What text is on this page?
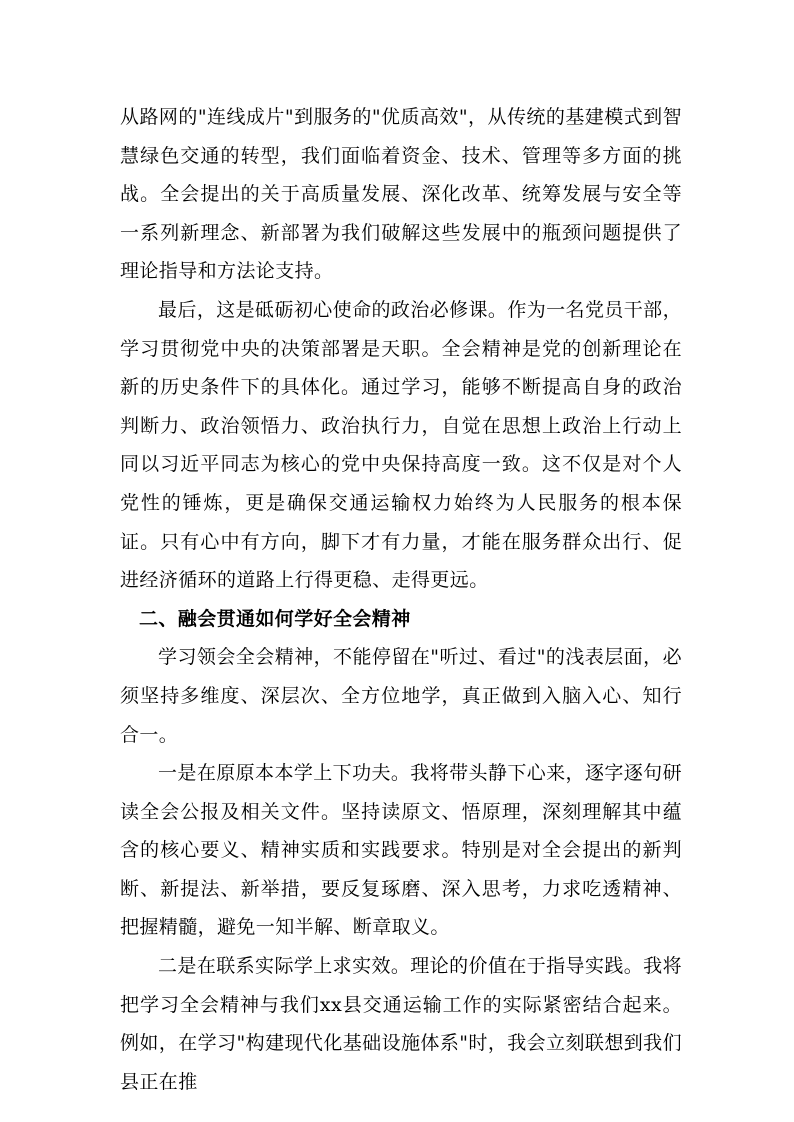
从路网的"连线成片"到服务的"优质高效"，从传统的基建模式到智慧绿色交通的转型，我们面临着资金、技术、管理等多方面的挑战。全会提出的关于高质量发展、深化改革、统筹发展与安全等一系列新理念、新部署为我们破解这些发展中的瓶颈问题提供了理论指导和方法论支持。

最后，这是砥砺初心使命的政治必修课。作为一名党员干部，学习贯彻党中央的决策部署是天职。全会精神是党的创新理论在新的历史条件下的具体化。通过学习，能够不断提高自身的政治判断力、政治领悟力、政治执行力，自觉在思想上政治上行动上同以习近平同志为核心的党中央保持高度一致。这不仅是对个人党性的锤炼，更是确保交通运输权力始终为人民服务的根本保证。只有心中有方向，脚下才有力量，才能在服务群众出行、促进经济循环的道路上行得更稳、走得更远。

二、融会贯通如何学好全会精神

学习领会全会精神，不能停留在"听过、看过"的浅表层面，必须坚持多维度、深层次、全方位地学，真正做到入脑入心、知行合一。

一是在原原本本学上下功夫。我将带头静下心来，逐字逐句研读全会公报及相关文件。坚持读原文、悟原理，深刻理解其中蕴含的核心要义、精神实质和实践要求。特别是对全会提出的新判断、新提法、新举措，要反复琢磨、深入思考，力求吃透精神、把握精髓，避免一知半解、断章取义。

二是在联系实际学上求实效。理论的价值在于指导实践。我将把学习全会精神与我们xx县交通运输工作的实际紧密结合起来。例如，在学习"构建现代化基础设施体系"时，我会立刻联想到我们县正在推
